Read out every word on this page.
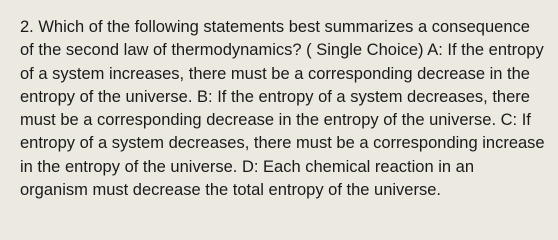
2. Which of the following statements best summarizes a consequence of the second law of thermodynamics? ( Single Choice) A: If the entropy of a system increases, there must be a corresponding decrease in the entropy of the universe. B: If the entropy of a system decreases, there must be a corresponding decrease in the entropy of the universe. C: If entropy of a system decreases, there must be a corresponding increase in the entropy of the universe. D: Each chemical reaction in an organism must decrease the total entropy of the universe.
